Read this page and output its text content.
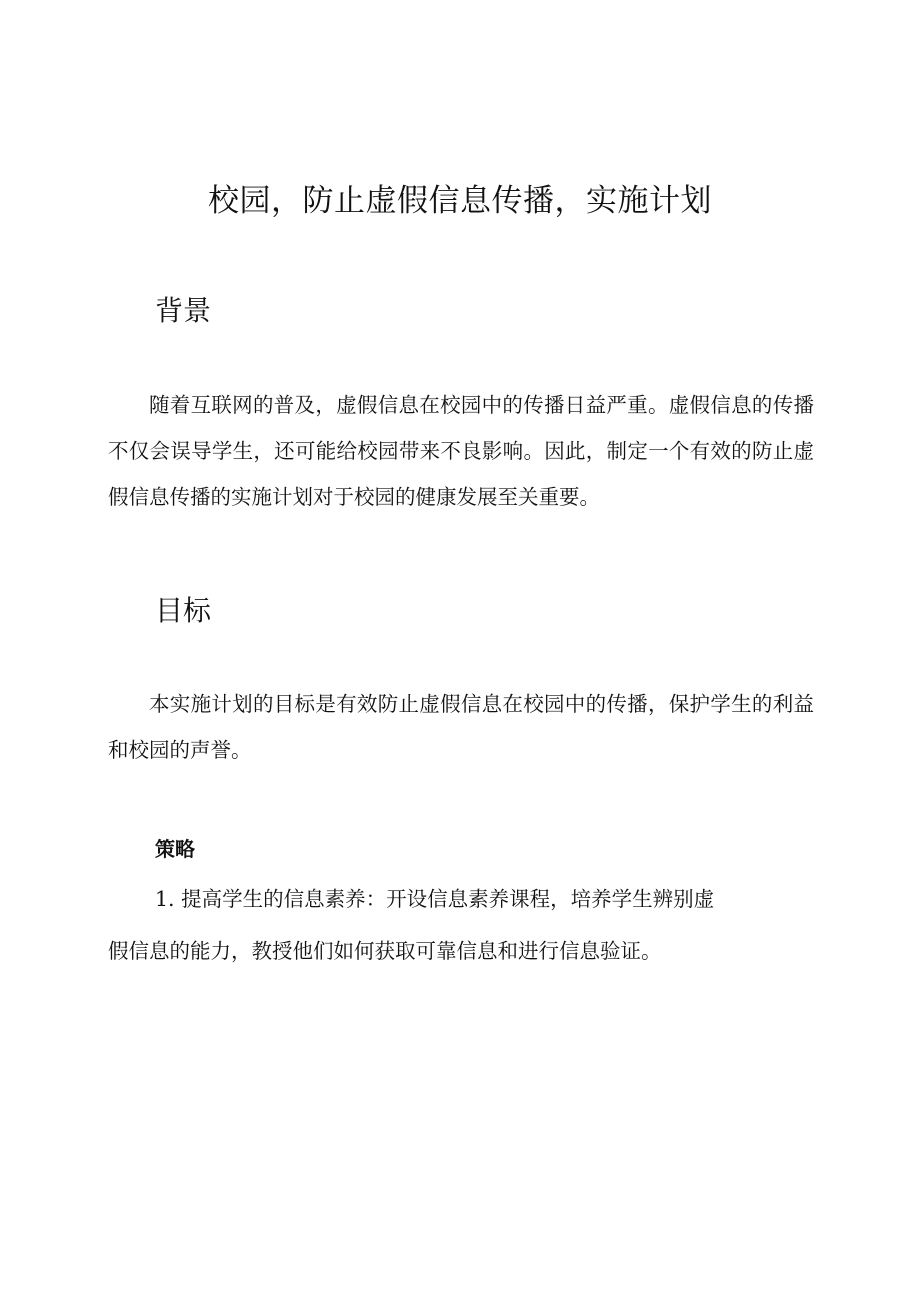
校园，防止虚假信息传播，实施计划
背景

随着互联网的普及，虚假信息在校园中的传播日益严重。虚假信息的传播不仅会误导学生，还可能给校园带来不良影响。因此，制定一个有效的防止虚假信息传播的实施计划对于校园的健康发展至关重要。

目标

本实施计划的目标是有效防止虚假信息在校园中的传播，保护学生的利益和校园的声誉。

策略
1. 提高学生的信息素养：开设信息素养课程，培养学生辨别虚
假信息的能力，教授他们如何获取可靠信息和进行信息验证。
